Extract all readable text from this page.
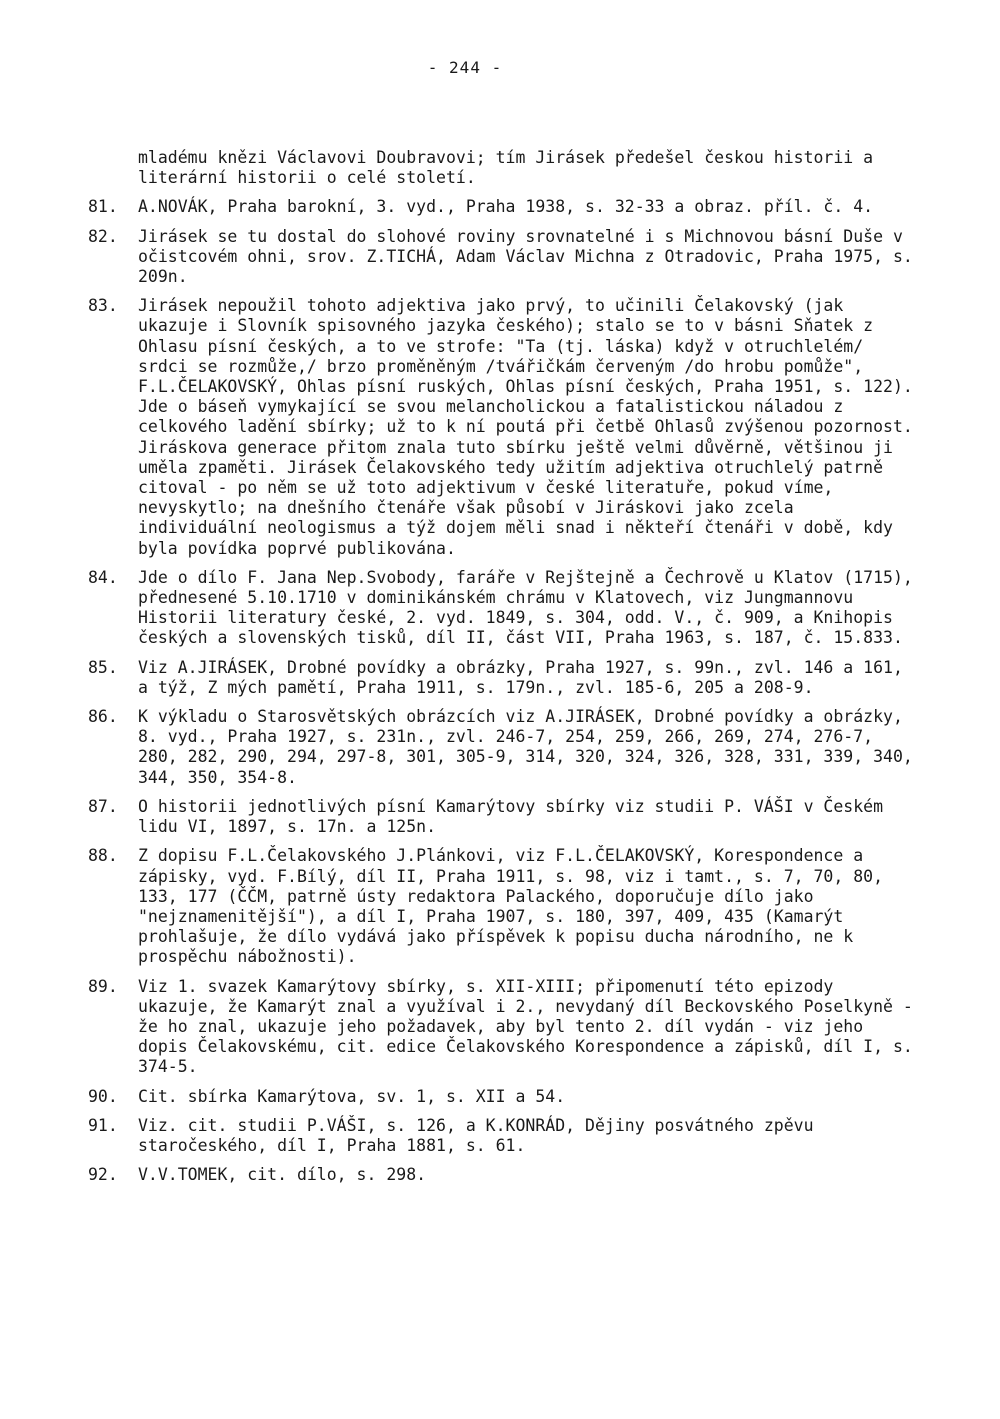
- 244 -
mladému knězi Václavovi Doubravovi; tím Jirásek předešel českou historii a literární historii o celé století.
81.	A.NOVÁK, Praha barokní, 3. vyd., Praha 1938, s. 32-33 a obraz. příl. č. 4.
82.	Jirásek se tu dostal do slohové roviny srovnatelné i s Michnovou básní Duše v očistcovém ohni, srov. Z.TICHÁ, Adam Václav Michna z Otradovic, Praha 1975, s. 209n.
83.	Jirásek nepoužil tohoto adjektiva jako prvý, to učinili Čelakovský (jak ukazuje i Slovník spisovného jazyka českého); stalo se to v básni Sňatek z Ohlasu písní českých, a to ve strofe: "Ta (tj. láska) když v otruchlelém/ srdci se rozmůže,/ brzo proměněným /tvářičkám červeným /do hrobu pomůže", F.L.ČELAKOVSKÝ, Ohlas písní ruských, Ohlas písní českých, Praha 1951, s. 122). Jde o báseň vymykající se svou melancholickou a fatalistickou náladou z celkového ladění sbírky; už to k ní poutá při četbě Ohlasů zvýšenou pozornost. Jiráskova generace přitom znala tuto sbírku ještě velmi důvěrně, většinou ji uměla zpaměti. Jirásek Čelakovského tedy užitím adjektiva otruchlelý patrně citoval - po něm se už toto adjektivum v české literatuře, pokud víme, nevyskytlo; na dnešního čtenáře však působí v Jiráskovi jako zcela individuální neologismus a týž dojem měli snad i někteří čtenáři v době, kdy byla povídka poprvé publikována.
84.	Jde o dílo F. Jana Nep.Svobody, faráře v Rejštejně a Čechrově u Klatov (1715), přednesené 5.10.1710 v dominikánském chrámu v Klatovech, viz Jungmannovu Historii literatury české, 2. vyd. 1849, s. 304, odd. V., č. 909, a Knihopis českých a slovenských tisků, díl II, část VII, Praha 1963, s. 187, č. 15.833.
85.	Viz A.JIRÁSEK, Drobné povídky a obrázky, Praha 1927, s. 99n., zvl. 146 a 161, a týž, Z mých pamětí, Praha 1911, s. 179n., zvl. 185-6, 205 a 208-9.
86.	K výkladu o Starosvětských obrázcích viz A.JIRÁSEK, Drobné povídky a obrázky, 8. vyd., Praha 1927, s. 231n., zvl. 246-7, 254, 259, 266, 269, 274, 276-7, 280, 282, 290, 294, 297-8, 301, 305-9, 314, 320, 324, 326, 328, 331, 339, 340, 344, 350, 354-8.
87.	O historii jednotlivých písní Kamarýtovy sbírky viz studii P. VÁŠI v Českém lidu VI, 1897, s. 17n. a 125n.
88.	Z dopisu F.L.Čelakovského J.Plánkovi, viz F.L.ČELAKOVSKÝ, Korespondence a zápisky, vyd. F.Bílý, díl II, Praha 1911, s. 98, viz i tamt., s. 7, 70, 80, 133, 177 (ČČM, patrně ústy redaktora Palackého, doporučuje dílo jako "nejznamenitější"), a díl I, Praha 1907, s. 180, 397, 409, 435 (Kamarýt prohlašuje, že dílo vydává jako příspěvek k popisu ducha národního, ne k prospěchu nábožnosti).
89.	Viz 1. svazek Kamarýtovy sbírky, s. XII-XIII; připomenutí této epizody ukazuje, že Kamarýt znal a využíval i 2., nevydaný díl Beckovského Poselkyně - že ho znal, ukazuje jeho požadavek, aby byl tento 2. díl vydán - viz jeho dopis Čelakovskému, cit. edice Čelakovského Korespondence a zápisků, díl I, s. 374-5.
90.	Cit. sbírka Kamarýtova, sv. 1, s. XII a 54.
91.	Viz. cit. studii P.VÁŠI, s. 126, a K.KONRÁD, Dějiny posvátného zpěvu staročeského, díl I, Praha 1881, s. 61.
92.	V.V.TOMEK, cit. dílo, s. 298.
